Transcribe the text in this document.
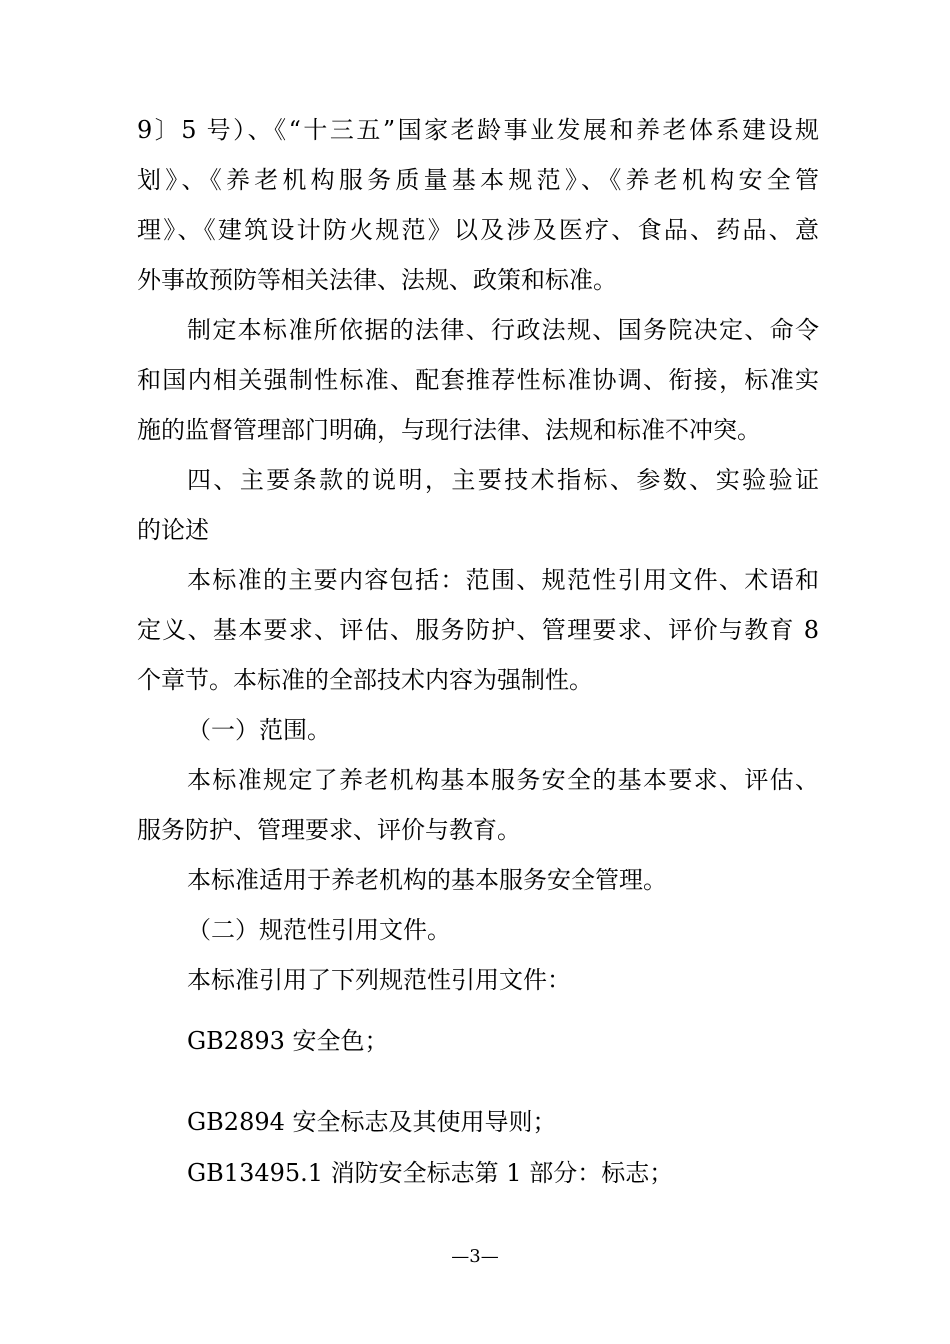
9〕5 号）、《“十三五”国家老龄事业发展和养老体系建设规
划》、《养老机构服务质量基本规范》、《养老机构安全管
理》、《建筑设计防火规范》以及涉及医疗、食品、药品、意
外事故预防等相关法律、法规、政策和标准。
制定本标准所依据的法律、行政法规、国务院决定、命令
和国内相关强制性标准、配套推荐性标准协调、衔接，标准实
施的监督管理部门明确，与现行法律、法规和标准不冲突。
四、主要条款的说明，主要技术指标、参数、实验验证
的论述
本标准的主要内容包括：范围、规范性引用文件、术语和
定义、基本要求、评估、服务防护、管理要求、评价与教育 8
个章节。本标准的全部技术内容为强制性。
（一）范围。
本标准规定了养老机构基本服务安全的基本要求、评估、
服务防护、管理要求、评价与教育。
本标准适用于养老机构的基本服务安全管理。
（二）规范性引用文件。
本标准引用了下列规范性引用文件：
GB2893 安全色；
GB2894 安全标志及其使用导则；
GB13495.1 消防安全标志第 1 部分：标志；
—3—
